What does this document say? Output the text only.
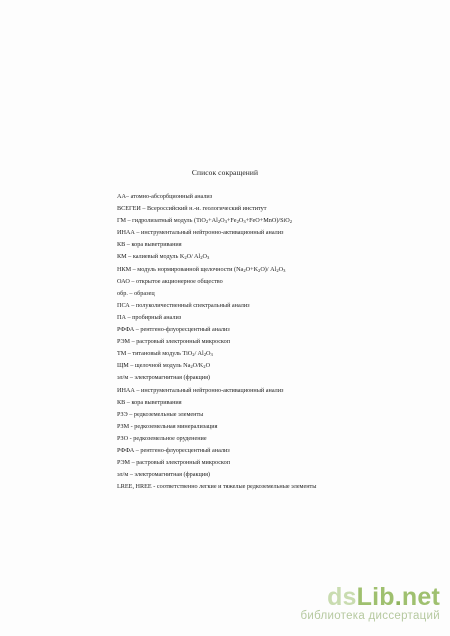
Список сокращений
АА– атомно-абсорбционный анализ
ВСЕГЕИ – Всероссийский н.-и. геологический институт
ГМ – гидролизатный модуль $(TiO_2+Al_2O_3+Fe_2O_3+FeO+MnO)/SiO_2$
ИНАА – инструментальный нейтронно-активационный анализ
КВ – кора выветривания
КМ – калиевый модуль $K_2O/$ $Al_2O_3$
НКМ – модуль нормированной щелочности $(Na_2O+K_2O)/$ $Al_2O_3$
ОАО – открытое акционерное общество
обр. – образец
ПСА – полуколичественный спектральный анализ
ПА – пробирный анализ
РФФА – рентгено-флуоресцентный анализ
РЭМ – растровый электронный микроскоп
ТМ – титановый модуль TiO$_2$/ $Al_2O_3$
ЩМ – щелочной модуль $Na_2O/K_2O$
эл/м – электромагнитная (фракция)
ИНАА – инструментальный нейтронно-активационный анализ
КВ – кора выветривания
РЗЭ – редкоземельные элементы
РЗМ - редкоземельная минерализация
РЗО - редкоземельное оруденение
РФФА – рентгено-флуоресцентный анализ
РЭМ – растровый электронный микроскоп
эл/м – электромагнитная (фракция)
LREE, HREE - соответственно легкие и тяжелые редкоземельные элементы
dsLib.net
библиотека диссертаций
